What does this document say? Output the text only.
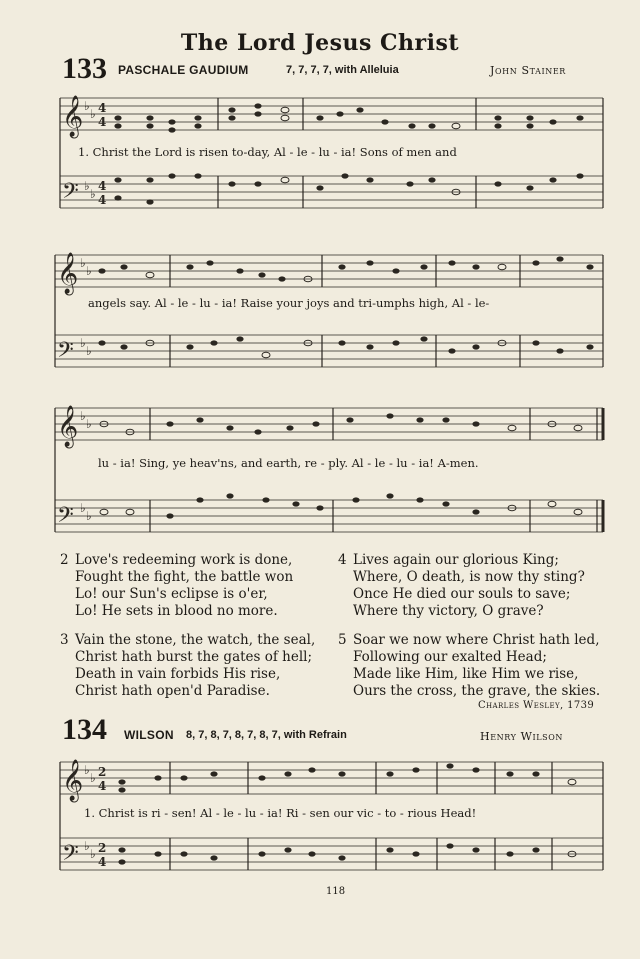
The Lord Jesus Christ
133 PASCHALE GAUDIUM	7, 7, 7, 7, with Alleluia	John Stainer
𝄞
𝄢
♭
♭
♭
♭
4
4
4
4
𝄞
𝄢
♭
♭
♭
♭
𝄞
𝄢
♭
♭
♭
♭
𝄞
𝄢
♭
♭
♭
♭
2
4
2
4
1. Christ the Lord is risen to-day, Al - le - lu - ia! Sons of men and
angels say. Al - le - lu - ia! Raise your joys and tri-umphs high, Al - le-
lu - ia! Sing, ye heav'ns, and earth, re - ply. Al - le - lu - ia! A-men.
2 Love's redeeming work is done,
Fought the fight, the battle won
Lo! our Sun's eclipse is o'er,
Lo! He sets in blood no more.
3 Vain the stone, the watch, the seal,
Christ hath burst the gates of hell;
Death in vain forbids His rise,
Christ hath open'd Paradise.
4 Lives again our glorious King;
Where, O death, is now thy sting?
Once He died our souls to save;
Where thy victory, O grave?
5 Soar we now where Christ hath led,
Following our exalted Head;
Made like Him, like Him we rise,
Ours the cross, the grave, the skies.
Charles Wesley, 1739
134 WILSON 8, 7, 8, 7, 8, 7, 8, 7, with Refrain	Henry Wilson
1. Christ is ri - sen! Al - le - lu - ia! Ri - sen our vic - to - rious Head!
118
